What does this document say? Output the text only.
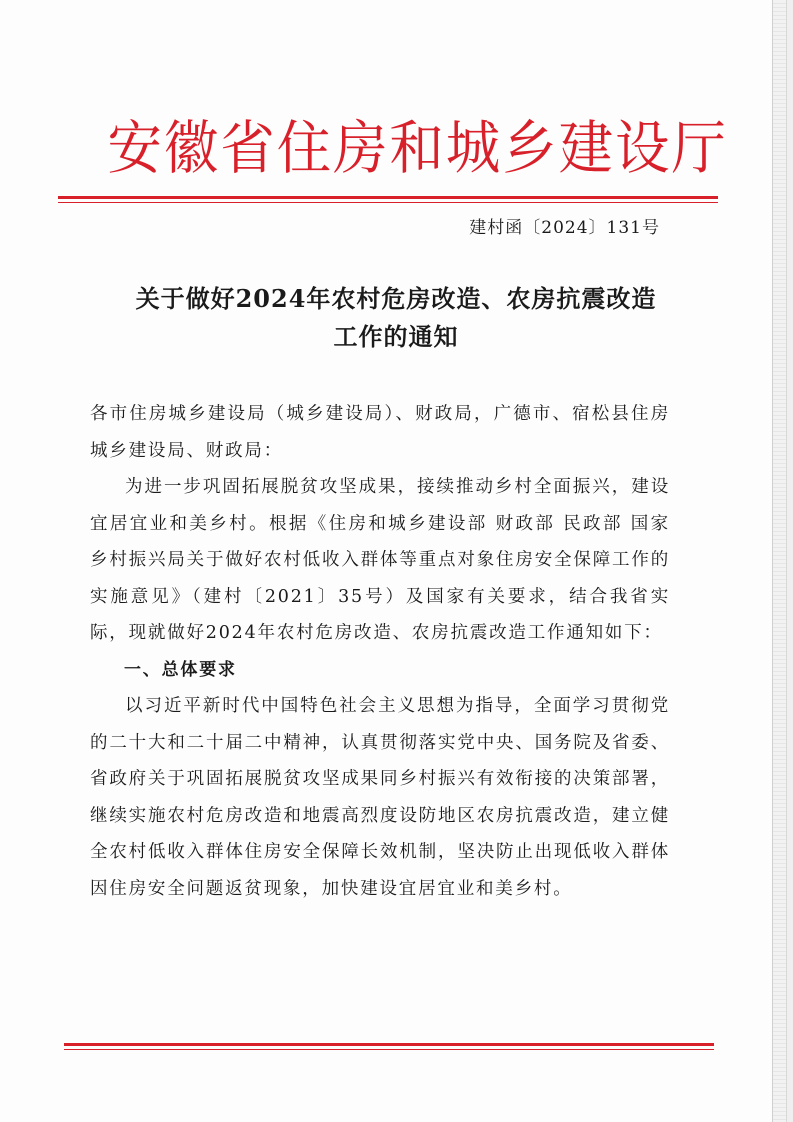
安徽省住房和城乡建设厅
建村函〔2024〕131号
关于做好2024年农村危房改造、农房抗震改造
工作的通知

各市住房城乡建设局（城乡建设局）、财政局，广德市、宿松县住房城乡建设局、财政局：

为进一步巩固拓展脱贫攻坚成果，接续推动乡村全面振兴，建设宜居宜业和美乡村。根据《住房和城乡建设部 财政部 民政部 国家乡村振兴局关于做好农村低收入群体等重点对象住房安全保障工作的实施意见》（建村〔2021〕35号）及国家有关要求，结合我省实际，现就做好2024年农村危房改造、农房抗震改造工作通知如下：

一、总体要求

以习近平新时代中国特色社会主义思想为指导，全面学习贯彻党的二十大和二十届二中精神，认真贯彻落实党中央、国务院及省委、省政府关于巩固拓展脱贫攻坚成果同乡村振兴有效衔接的决策部署，继续实施农村危房改造和地震高烈度设防地区农房抗震改造，建立健全农村低收入群体住房安全保障长效机制，坚决防止出现低收入群体因住房安全问题返贫现象，加快建设宜居宜业和美乡村。
